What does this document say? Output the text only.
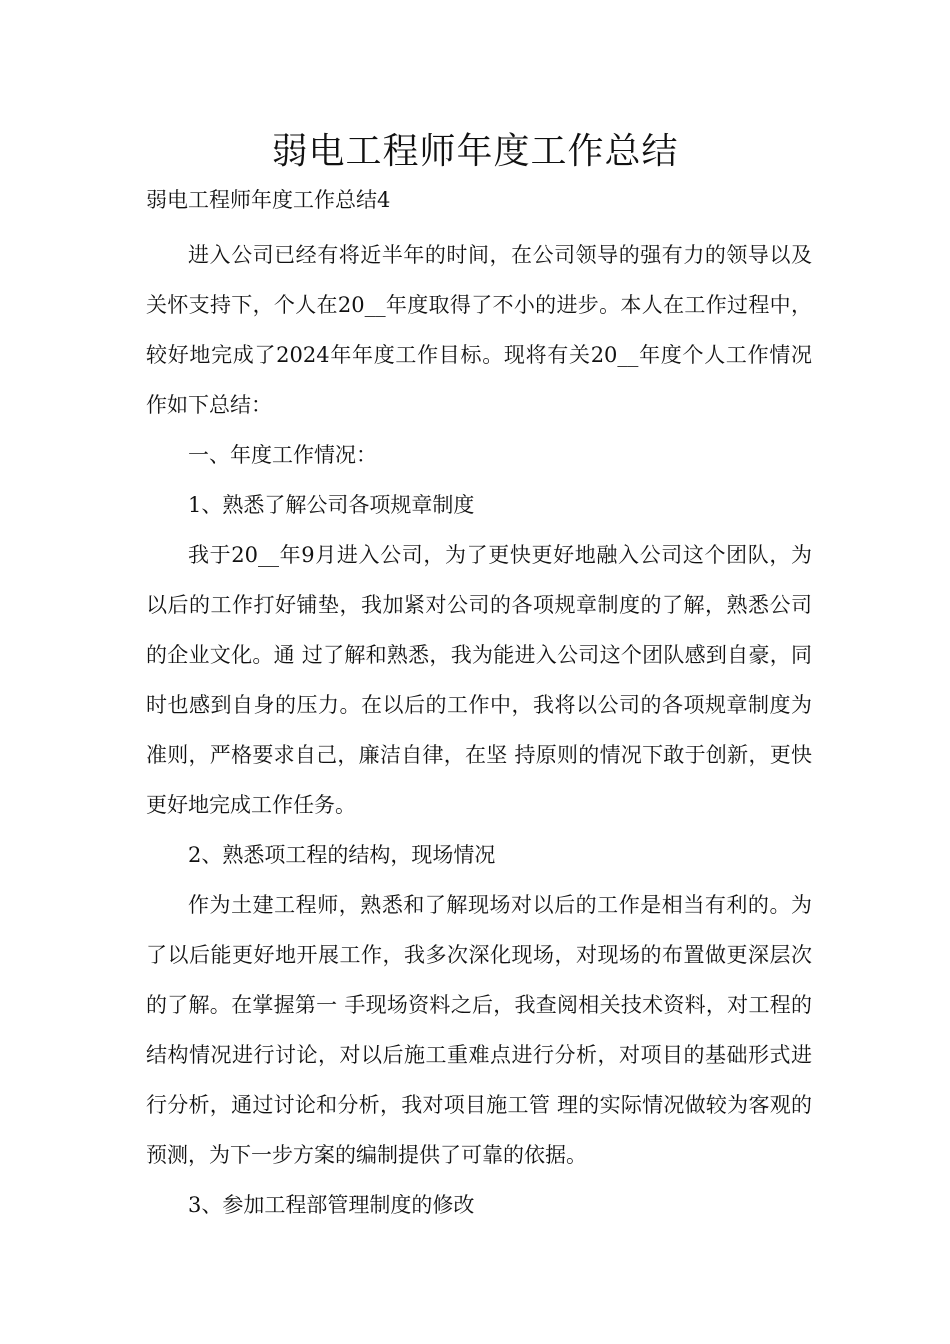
弱电工程师年度工作总结

弱电工程师年度工作总结4

进入公司已经有将近半年的时间，在公司领导的强有力的领导以及关怀支持下，个人在20__年度取得了不小的进步。本人在工作过程中，较好地完成了2024年年度工作目标。现将有关20__年度个人工作情况作如下总结：

一、年度工作情况：

1、熟悉了解公司各项规章制度

我于20__年9月进入公司，为了更快更好地融入公司这个团队，为以后的工作打好铺垫，我加紧对公司的各项规章制度的了解，熟悉公司的企业文化。通 过了解和熟悉，我为能进入公司这个团队感到自豪，同时也感到自身的压力。在以后的工作中，我将以公司的各项规章制度为准则，严格要求自己，廉洁自律，在坚 持原则的情况下敢于创新，更快更好地完成工作任务。

2、熟悉项工程的结构，现场情况

作为土建工程师，熟悉和了解现场对以后的工作是相当有利的。为了以后能更好地开展工作，我多次深化现场，对现场的布置做更深层次的了解。在掌握第一 手现场资料之后，我查阅相关技术资料，对工程的结构情况进行讨论，对以后施工重难点进行分析，对项目的基础形式进行分析，通过讨论和分析，我对项目施工管 理的实际情况做较为客观的预测，为下一步方案的编制提供了可靠的依据。

3、参加工程部管理制度的修改
